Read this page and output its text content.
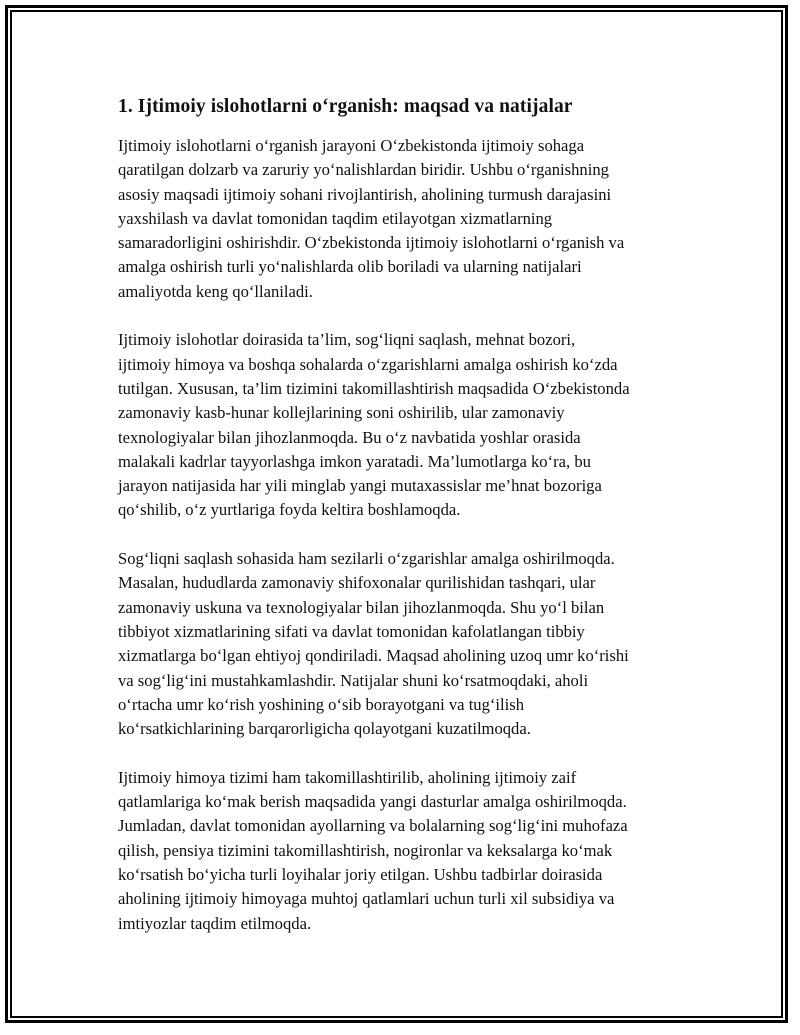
1. Ijtimoiy islohotlarni o‘rganish: maqsad va natijalar

Ijtimoiy islohotlarni o‘rganish jarayoni O‘zbekistonda ijtimoiy sohaga
qaratilgan dolzarb va zaruriy yo‘nalishlardan biridir. Ushbu o‘rganishning
asosiy maqsadi ijtimoiy sohani rivojlantirish, aholining turmush darajasini
yaxshilash va davlat tomonidan taqdim etilayotgan xizmatlarning
samaradorligini oshirishdir. O‘zbekistonda ijtimoiy islohotlarni o‘rganish va
amalga oshirish turli yo‘nalishlarda olib boriladi va ularning natijalari
amaliyotda keng qo‘llaniladi.

Ijtimoiy islohotlar doirasida ta’lim, sog‘liqni saqlash, mehnat bozori,
ijtimoiy himoya va boshqa sohalarda o‘zgarishlarni amalga oshirish ko‘zda
tutilgan. Xususan, ta’lim tizimini takomillashtirish maqsadida O‘zbekistonda
zamonaviy kasb-hunar kollejlarining soni oshirilib, ular zamonaviy
texnologiyalar bilan jihozlanmoqda. Bu o‘z navbatida yoshlar orasida
malakali kadrlar tayyorlashga imkon yaratadi. Ma’lumotlarga ko‘ra, bu
jarayon natijasida har yili minglab yangi mutaxassislar me’hnat bozoriga
qo‘shilib, o‘z yurtlariga foyda keltira boshlamoqda.

Sog‘liqni saqlash sohasida ham sezilarli o‘zgarishlar amalga oshirilmoqda.
Masalan, hududlarda zamonaviy shifoxonalar qurilishidan tashqari, ular
zamonaviy uskuna va texnologiyalar bilan jihozlanmoqda. Shu yo‘l bilan
tibbiyot xizmatlarining sifati va davlat tomonidan kafolatlangan tibbiy
xizmatlarga bo‘lgan ehtiyoj qondiriladi. Maqsad aholining uzoq umr ko‘rishi
va sog‘lig‘ini mustahkamlashdir. Natijalar shuni ko‘rsatmoqdaki, aholi
o‘rtacha umr ko‘rish yoshining o‘sib borayotgani va tug‘ilish
ko‘rsatkichlarining barqarorligicha qolayotgani kuzatilmoqda.

Ijtimoiy himoya tizimi ham takomillashtirilib, aholining ijtimoiy zaif
qatlamlariga ko‘mak berish maqsadida yangi dasturlar amalga oshirilmoqda.
Jumladan, davlat tomonidan ayollarning va bolalarning sog‘lig‘ini muhofaza
qilish, pensiya tizimini takomillashtirish, nogironlar va keksalarga ko‘mak
ko‘rsatish bo‘yicha turli loyihalar joriy etilgan. Ushbu tadbirlar doirasida
aholining ijtimoiy himoyaga muhtoj qatlamlari uchun turli xil subsidiya va
imtiyozlar taqdim etilmoqda.
